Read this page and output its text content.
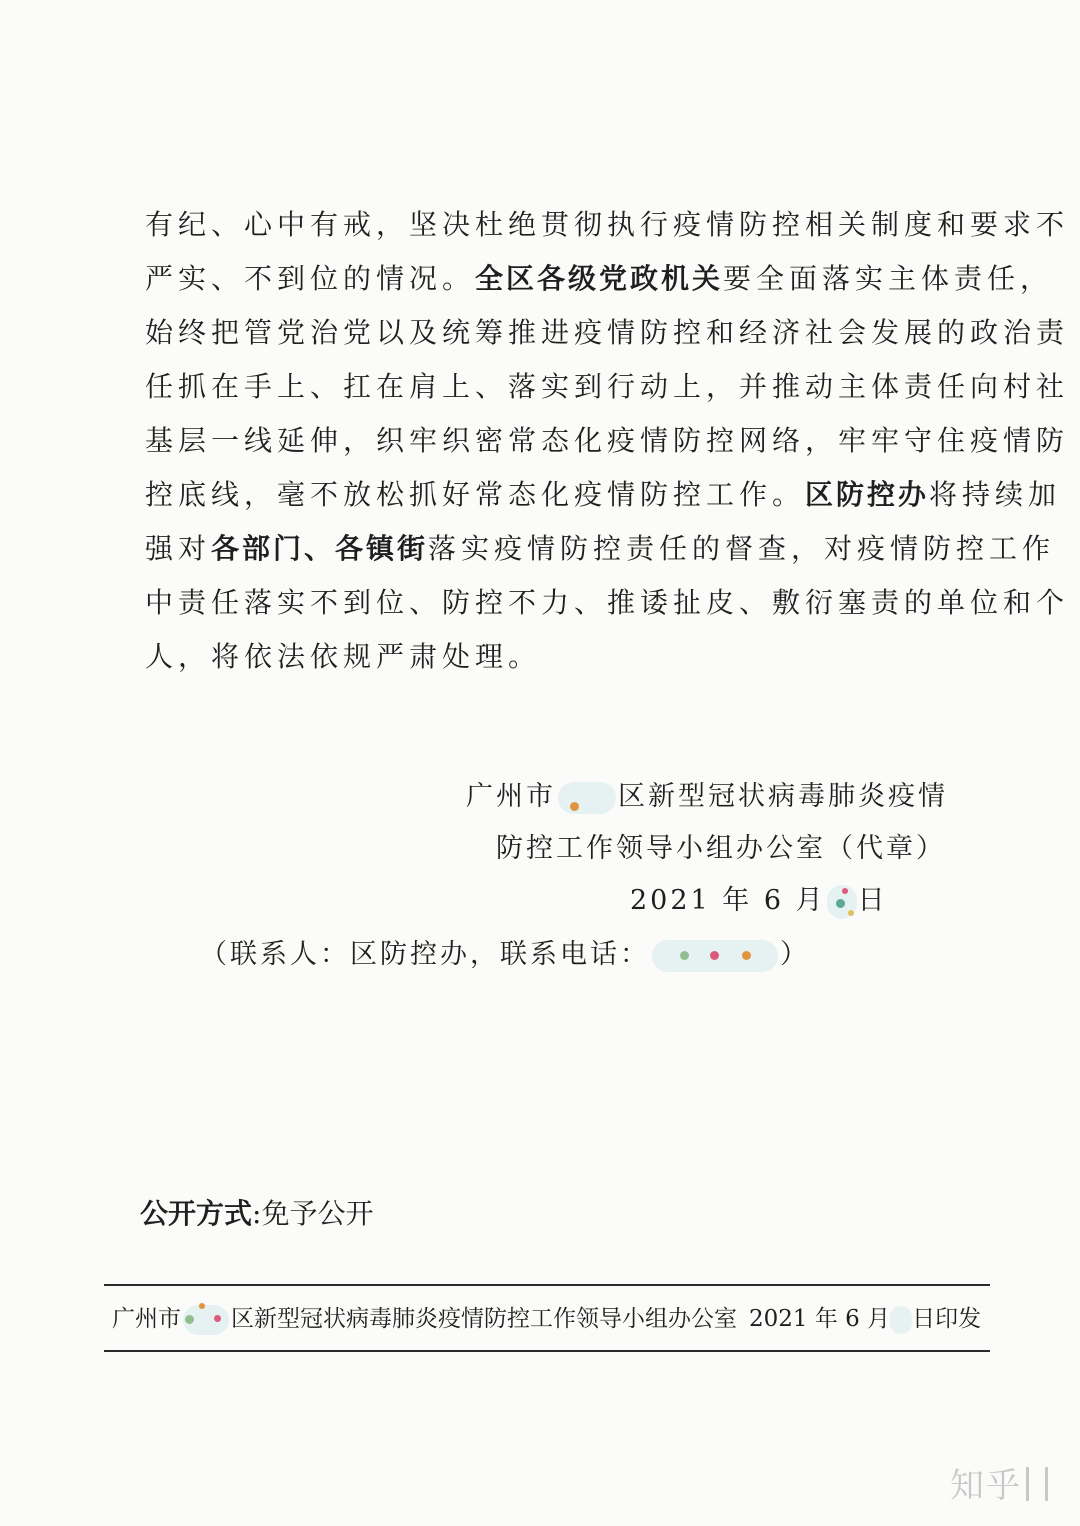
有纪、心中有戒，坚决杜绝贯彻执行疫情防控相关制度和要求不
严实、不到位的情况。全区各级党政机关要全面落实主体责任，
始终把管党治党以及统筹推进疫情防控和经济社会发展的政治责
任抓在手上、扛在肩上、落实到行动上，并推动主体责任向村社
基层一线延伸，织牢织密常态化疫情防控网络，牢牢守住疫情防
控底线，毫不放松抓好常态化疫情防控工作。区防控办将持续加
强对各部门、各镇街落实疫情防控责任的督查，对疫情防控工作
中责任落实不到位、防控不力、推诿扯皮、敷衍塞责的单位和个
人，将依法依规严肃处理。
广州市 区新型冠状病毒肺炎疫情
防控工作领导小组办公室（代章）
2021 年 6 月 日
（联系人：区防控办，联系电话：	）
公开方式:免予公开
广州市 区新型冠状病毒肺炎疫情防控工作领导小组办公室 2021 年 6 月 日印发
知乎
